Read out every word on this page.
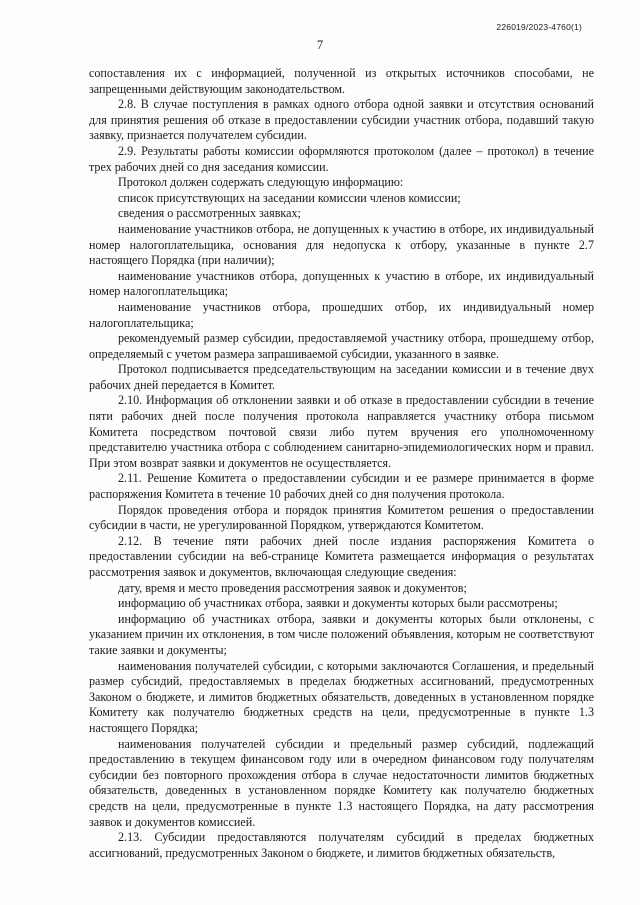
226019/2023-4760(1)
7

сопоставления их с информацией, полученной из открытых источников способами, не запрещенными действующим законодательством.

2.8. В случае поступления в рамках одного отбора одной заявки и отсутствия оснований для принятия решения об отказе в предоставлении субсидии участник отбора, подавший такую заявку, признается получателем субсидии.

2.9. Результаты работы комиссии оформляются протоколом (далее – протокол) в течение трех рабочих дней со дня заседания комиссии.

Протокол должен содержать следующую информацию:

список присутствующих на заседании комиссии членов комиссии;

сведения о рассмотренных заявках;

наименование участников отбора, не допущенных к участию в отборе, их индивидуальный номер налогоплательщика, основания для недопуска к отбору, указанные в пункте 2.7 настоящего Порядка (при наличии);

наименование участников отбора, допущенных к участию в отборе, их индивидуальный номер налогоплательщика;

наименование участников отбора, прошедших отбор, их индивидуальный номер налогоплательщика;

рекомендуемый размер субсидии, предоставляемой участнику отбора, прошедшему отбор, определяемый с учетом размера запрашиваемой субсидии, указанного в заявке.

Протокол подписывается председательствующим на заседании комиссии и в течение двух рабочих дней передается в Комитет.

2.10. Информация об отклонении заявки и об отказе в предоставлении субсидии в течение пяти рабочих дней после получения протокола направляется участнику отбора письмом Комитета посредством почтовой связи либо путем вручения его уполномоченному представителю участника отбора с соблюдением санитарно-эпидемиологических норм и правил. При этом возврат заявки и документов не осуществляется.

2.11. Решение Комитета о предоставлении субсидии и ее размере принимается в форме распоряжения Комитета в течение 10 рабочих дней со дня получения протокола.

Порядок проведения отбора и порядок принятия Комитетом решения о предоставлении субсидии в части, не урегулированной Порядком, утверждаются Комитетом.

2.12. В течение пяти рабочих дней после издания распоряжения Комитета о предоставлении субсидии на веб-странице Комитета размещается информация о результатах рассмотрения заявок и документов, включающая следующие сведения:

дату, время и место проведения рассмотрения заявок и документов;

информацию об участниках отбора, заявки и документы которых были рассмотрены;

информацию об участниках отбора, заявки и документы которых были отклонены, с указанием причин их отклонения, в том числе положений объявления, которым не соответствуют такие заявки и документы;

наименования получателей субсидии, с которыми заключаются Соглашения, и предельный размер субсидий, предоставляемых в пределах бюджетных ассигнований, предусмотренных Законом о бюджете, и лимитов бюджетных обязательств, доведенных в установленном порядке Комитету как получателю бюджетных средств на цели, предусмотренные в пункте 1.3 настоящего Порядка;

наименования получателей субсидии и предельный размер субсидий, подлежащий предоставлению в текущем финансовом году или в очередном финансовом году получателям субсидии без повторного прохождения отбора в случае недостаточности лимитов бюджетных обязательств, доведенных в установленном порядке Комитету как получателю бюджетных средств на цели, предусмотренные в пункте 1.3 настоящего Порядка, на дату рассмотрения заявок и документов комиссией.

2.13. Субсидии предоставляются получателям субсидий в пределах бюджетных ассигнований, предусмотренных Законом о бюджете, и лимитов бюджетных обязательств,
